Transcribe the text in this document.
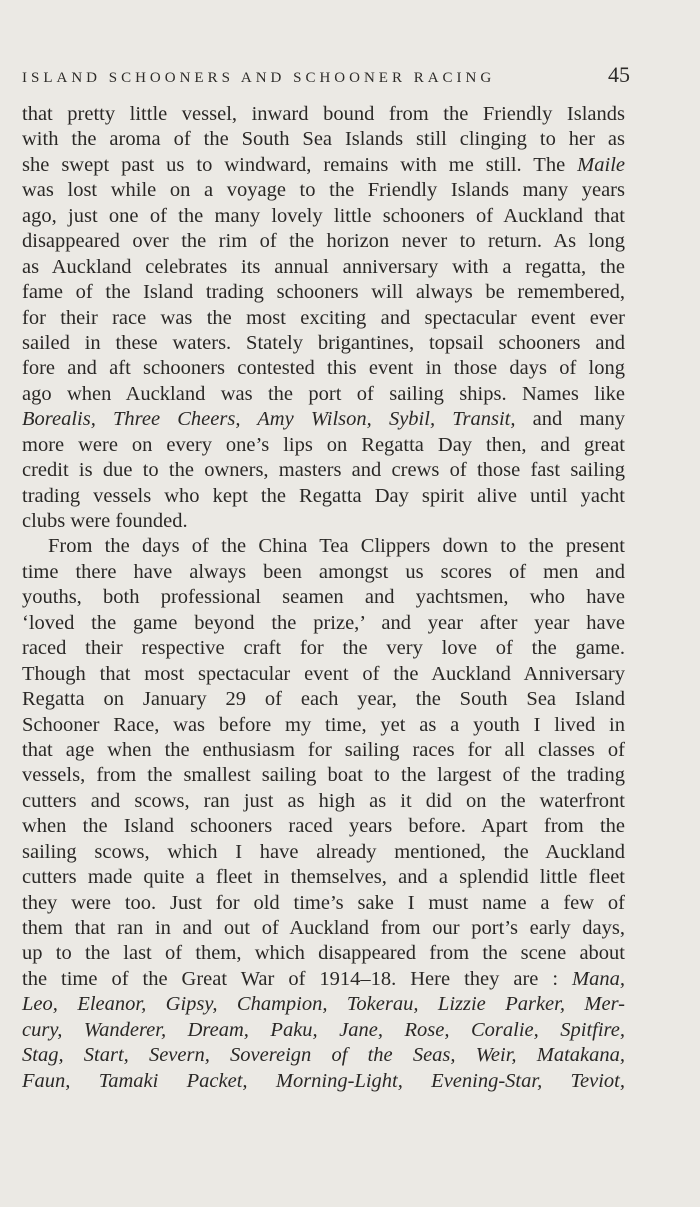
ISLAND SCHOONERS AND SCHOONER RACING	45
that pretty little vessel, inward bound from the Friendly Islands
with the aroma of the South Sea Islands still clinging to her as
she swept past us to windward, remains with me still. The Maile
was lost while on a voyage to the Friendly Islands many years
ago, just one of the many lovely little schooners of Auckland that
disappeared over the rim of the horizon never to return. As long
as Auckland celebrates its annual anniversary with a regatta, the
fame of the Island trading schooners will always be remembered,
for their race was the most exciting and spectacular event ever
sailed in these waters. Stately brigantines, topsail schooners and
fore and aft schooners contested this event in those days of long
ago when Auckland was the port of sailing ships. Names like
Borealis, Three Cheers, Amy Wilson, Sybil, Transit, and many
more were on every one’s lips on Regatta Day then, and great
credit is due to the owners, masters and crews of those fast sailing
trading vessels who kept the Regatta Day spirit alive until yacht
clubs were founded.
From the days of the China Tea Clippers down to the present
time there have always been amongst us scores of men and
youths, both professional seamen and yachtsmen, who have
‘loved the game beyond the prize,’ and year after year have
raced their respective craft for the very love of the game.
Though that most spectacular event of the Auckland Anniversary
Regatta on January 29 of each year, the South Sea Island
Schooner Race, was before my time, yet as a youth I lived in
that age when the enthusiasm for sailing races for all classes of
vessels, from the smallest sailing boat to the largest of the trading
cutters and scows, ran just as high as it did on the waterfront
when the Island schooners raced years before. Apart from the
sailing scows, which I have already mentioned, the Auckland
cutters made quite a fleet in themselves, and a splendid little fleet
they were too. Just for old time’s sake I must name a few of
them that ran in and out of Auckland from our port’s early days,
up to the last of them, which disappeared from the scene about
the time of the Great War of 1914–18. Here they are : Mana,
Leo, Eleanor, Gipsy, Champion, Tokerau, Lizzie Parker, Mer-
cury, Wanderer, Dream, Paku, Jane, Rose, Coralie, Spitfire,
Stag, Start, Severn, Sovereign of the Seas, Weir, Matakana,
Faun, Tamaki Packet, Morning-Light, Evening-Star, Teviot,
